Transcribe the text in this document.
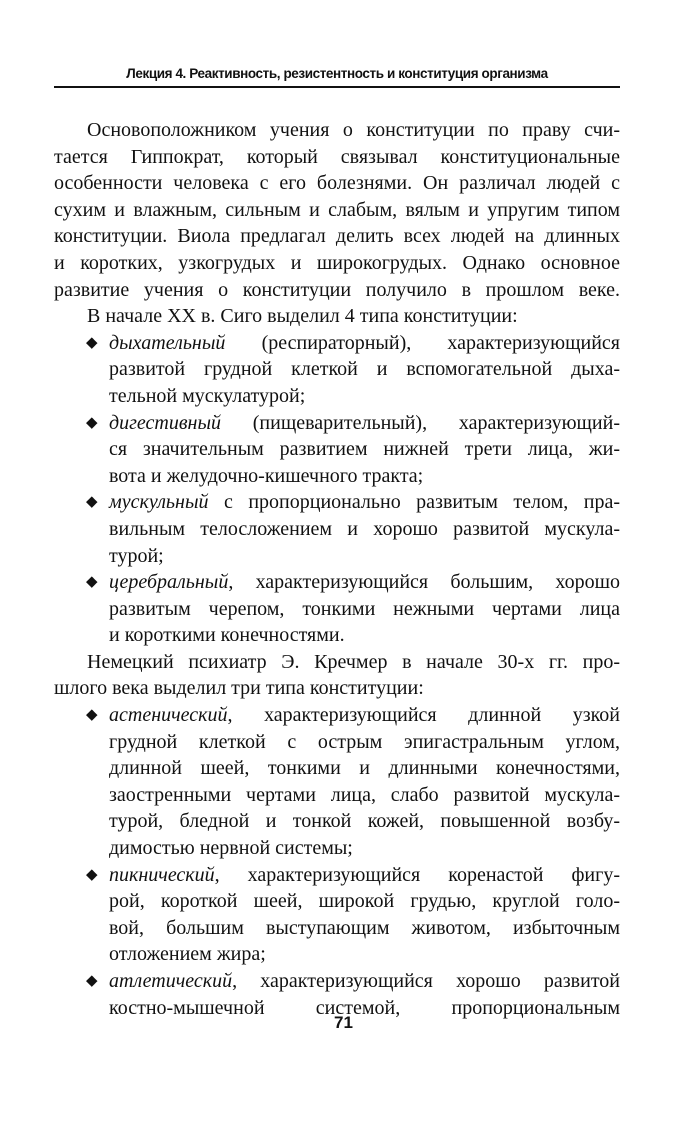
Лекция 4. Реактивность, резистентность и конституция организма
Основоположником учения о конституции по праву счи-
тается Гиппократ, который связывал конституциональные
особенности человека с его болезнями. Он различал людей с
сухим и влажным, сильным и слабым, вялым и упругим типом
конституции. Виола предлагал делить всех людей на длинных
и коротких, узкогрудых и широкогрудых. Однако основное
развитие учения о конституции получило в прошлом веке.
В начале XX в. Сиго выделил 4 типа конституции:
◆ дыхательный (респираторный), характеризующийся
развитой грудной клеткой и вспомогательной дыха-
тельной мускулатурой;
◆ дигестивный (пищеварительный), характеризующий-
ся значительным развитием нижней трети лица, жи-
вота и желудочно-кишечного тракта;
◆ мускульный с пропорционально развитым телом, пра-
вильным телосложением и хорошо развитой мускула-
турой;
◆ церебральный, характеризующийся большим, хорошо
развитым черепом, тонкими нежными чертами лица
и короткими конечностями.
Немецкий психиатр Э. Кречмер в начале 30-х гг. про-
шлого века выделил три типа конституции:
◆ астенический, характеризующийся длинной узкой
грудной клеткой с острым эпигастральным углом,
длинной шеей, тонкими и длинными конечностями,
заостренными чертами лица, слабо развитой мускула-
турой, бледной и тонкой кожей, повышенной возбу-
димостью нервной системы;
◆ пикнический, характеризующийся коренастой фигу-
рой, короткой шеей, широкой грудью, круглой голо-
вой, большим выступающим животом, избыточным
отложением жира;
◆ атлетический, характеризующийся хорошо развитой
костно-мышечной системой, пропорциональным
71
